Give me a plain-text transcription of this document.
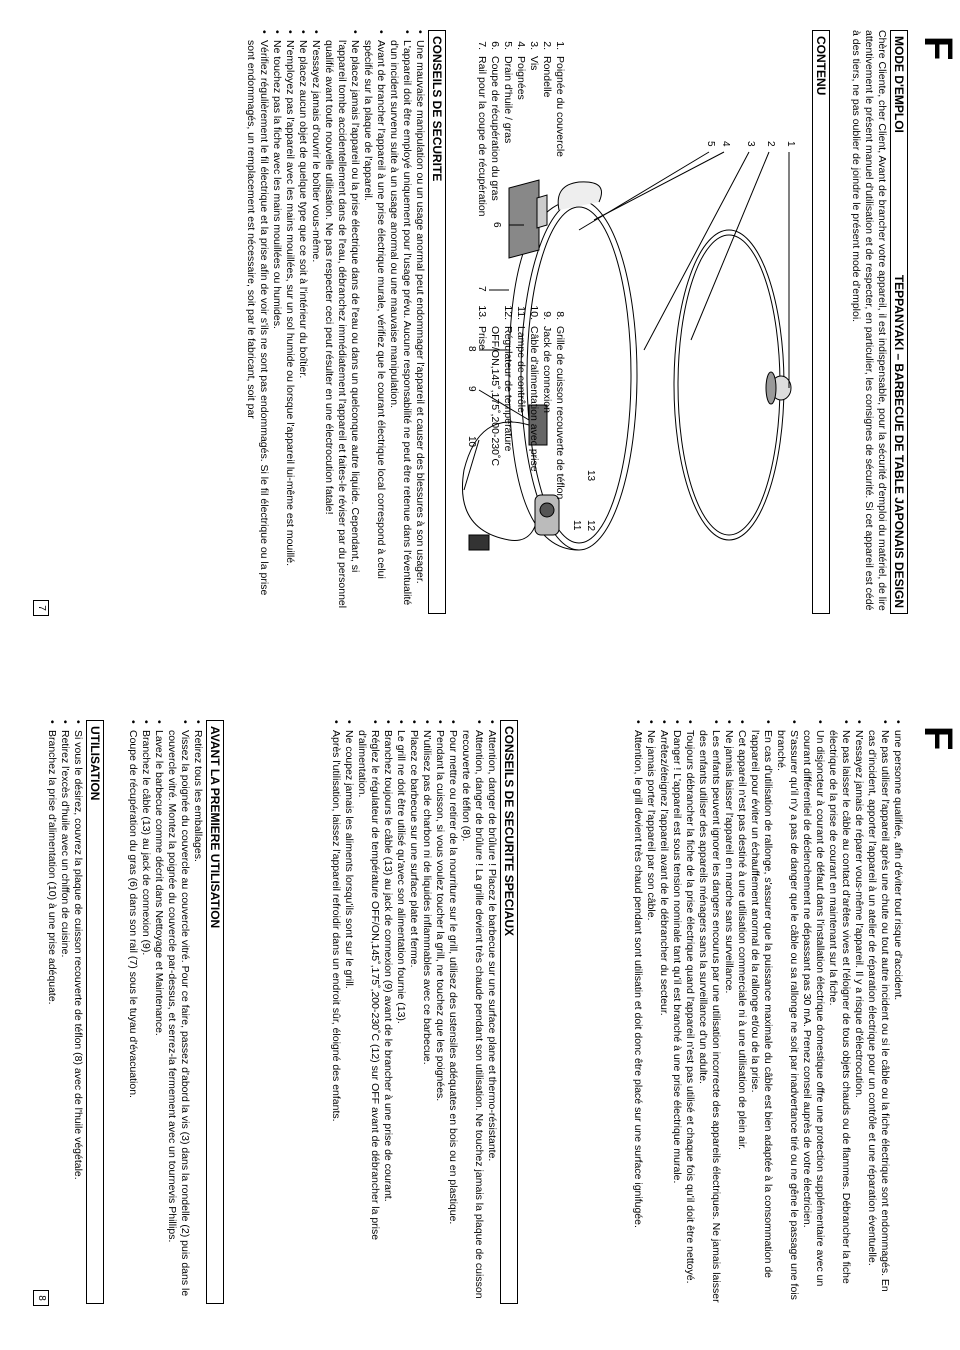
F
MODE D'EMPLOI
TEPPANYAKI – BARBECUE DE TABLE JAPONAIS DESIGN

Chère Cliente, cher Client, Avant de brancher votre appareil, il est indispensable, pour la sécurité d'emploi du matériel, de lire attentivement le présent manuel d'utilisation et de respecter, en particulier, les consignes de sécurité. Si cet appareil est cédé à des tiers, ne pas oublier de joindre le présent mode d'emploi.

CONTENU
1
2
3
4
5
6
7
8
9
10
11 12
13
1.
Poignée du couvercle
2.
Rondelle
3.
Vis
4.
Poignées
5.
Drain d'huile / gras
6.
Coupe de récupération du gras
7.
Rail pour la coupe de récupération
8.
Grille de cuisson recouverte de téflon
9.
Jack de connexion
10.
Câble d'alimentation avec prise
11.
Lampe de contrôle
12.
Régulateur de température
OFF/ON,145˚,175˚,200-230˚C
13.
Prise
CONSEILS DE SECURITE
• Une mauvaise manipulation ou un usage anormal peut endommager l'appareil et causer des blessures à son usager.
• L'appareil doit être employé uniquement pour l'usage prévu. Aucune responsabilité ne peut être retenue dans l'éventualité d'un incident survenu suite à un usage anormal ou une mauvaise manipulation.
• Avant de brancher l'appareil à une prise électrique murale, vérifiez que le courant électrique local correspond à celui spécifié sur la plaque de l'appareil.
• Ne placez jamais l'appareil ou la prise électrique dans de l'eau ou dans un quelconque autre liquide. Cependant, si l'appareil tombe accidentellement dans de l'eau, débranchez immédiatement l'appareil et faites-le réviser par du personnel qualifié avant toute nouvelle utilisation. Ne pas respecter ceci peut résulter en une électrocution fatale!
• N'essayez jamais d'ouvrir le boîtier vous-même.
• Ne placez aucun objet de quelque type que ce soit à l'intérieur du boîtier.
• N'employez pas l'appareil avec les mains mouillées, sur un sol humide ou lorsque l'appareil lui-même est mouillé.
• Ne touchez pas la fiche avec les mains mouillées ou humides.
• Vérifiez régulièrement le fil électrique et la prise afin de voir s'ils ne sont pas endommagés. Si le fil électrique ou la prise sont endommagés, un remplacement est nécessaire, soit par le fabricant, soit par
7
F
• une personne qualifiée, afin d'éviter tout risque d'accident.
• Ne pas utiliser l'appareil après une chute ou tout autre incident ou si le câble ou la fiche électrique sont endommagés. En cas d'incident, apporter l'appareil à un atelier de réparation électrique pour un contrôle et une réparation éventuelle.
• N'essayez jamais de réparer vous-même l'appareil. Il y a risque d'électrocution.
• Ne pas laisser le câble au contact d'arêtes vives et l'éloigner de tous objets chauds ou de flammes. Débrancher la fiche électrique de la prise de courant en maintenant sur la fiche.
• Un disjoncteur à courant de défaut dans l'installation électrique domestique offre une protection supplémentaire avec un courant différentiel de déclenchement ne dépassant pas 30 mA. Prenez conseil auprès de votre électricien.
• S'assurer qu'il n'y a pas de danger que le câble ou sa rallonge ne soit par inadvertance tiré ou ne gêne le passage une fois branché.
• En cas d'utilisation de rallonge, s'assurer que la puissance maximale du câble est bien adaptée à la consommation de l'appareil pour éviter un échauffement anormal de la rallonge et/ou de la prise.
• Cet appareil n'est pas destiné à une utilisation commerciale ni à une utilisation de plein air.
• Ne jamais laisser l'appareil en marche sans surveillance.
• Les enfants peuvent ignorer les dangers encourus par une utilisation incorrecte des appareils électriques. Ne jamais laisser des enfants utiliser des appareils ménagers sans la surveillance d'un adulte.
• Toujours débrancher la fiche de la prise électrique quand l'appareil n'est pas utilisé et chaque fois qu'il doit être nettoyé.
• Danger ! L'appareil est sous tension nominale tant qu'il est branché à une prise électrique murale.
• Arrêtez/éteignez l'appareil avant de le débrancher du secteur.
• Ne jamais porter l'appareil par son câble.
• Attention, le grill devient très chaud pendant sont utilisatin et doit donc être placé sur une surface ignifugée.
CONSEILS DE SECURITE SPECIAUX
• Attention, danger de brûlure ! Placez le barbecue sur une surface plane et thermo-résistante.
• Attention, danger de brûlure ! La grille devient très chaude pendant son utilisation. Ne touchez jamais la plaque de cuisson recouverte de téflon (8).
• Pour mettre ou retirer de la nourriture sur le grill, utilisez des ustensiles adéquates en bois ou en plastique.
• Pendant la cuisson, si vous voulez toucher la grill, ne touchez que les poignées.
• N'utilisez pas de charbon ni de liquides inflammables avec ce barbecue.
• Placez ce barbecue sur une surface plate et ferme.
• Le grill ne doit être utilisé qu'avec son alimentation fournie (13).
• Branchez toujours le câble (13) au jack de connexion (9) avant de le brancher à une prise de courant.
• Réglez le régulateur de température OFF/ON,145˚,175˚,200-230˚C (12) sur OFF avant de débrancher la prise d'alimentation.
• Ne coupez jamais les aliments lorsqu'ils sont sur le grill.
• Après l'utilisation, laissez l'appareil refroidir dans un endroit sûr, éloigné des enfants.
AVANT LA PREMIERE UTILISATION
• Retirez tous les emballages.
• Vissez la poignée du couvercle au couvercle vitré. Pour ce faire, passez d'abord la vis (3) dans la rondelle (2) puis dans le couvercle vitré. Montez la poignée du couvercle par-dessus, et serrez-la fermement avec un tournevis Phillips.
• Lavez le barbecue comme décrit dans Nettoyage et Maintenance.
• Branchez le câble (13) au jack de connexion (9).
• Coupe de récupération du gras (6) dans son rail (7) sous le tuyau d'évacuation.
UTILISATION
• Si vous le désirez, couvrez la plaque de cuisson recouverte de téflon (8) avec de l'huile végétale.
• Retirez l'excès d'huile avec un chiffon de cuisine.
• Branchez la prise d'alimentation (10) à une prise adéquate.
8
